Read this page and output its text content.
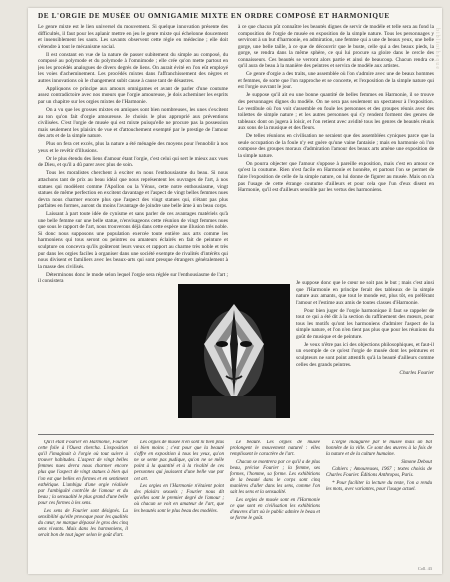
DE L'ORGIE DE MUSÉE OU OMNIGAMIE MIXTE EN ORDRE COMPOSÉ ET HARMONIQUE

Le genre mixte est le lien universel du mouvement. Si quelque innovation présente des difficultés, il faut pour les aplanir mettre en jeu le genre mixte qui échelonne doucement et insensiblement les sauts. Les savants observent cette règle en médecine ; elle doit s'étendre à tout le mécanisme social.

Il est constant en vue de la nature de passer subitement du simple au composé, du composé au polymode et du polymode à l'omnimode ; elle crée qu'on mette partout en jeu les procédés analogues de divers degrés de liens. On aurait évité en l'on eût employé les voies d'acheminement. Les procédés mixtes dans l'affranchissement des nègres et autres innovations où le changement subit cause à cause tant de désastres.

Appliquons ce principe aux amours omnigames et avant de parler d'une coutume assez contradictoire avec nos mœurs que l'orgie amoureuse, je dois acheminer les esprits par un chapitre sur les orgies mixtes de l'Harmonie.

On a vu que les grosses mixtes en amiques sont bien nombreuses, les unes s'excitent au ton qu'on fait d'orgie amoureuse. Je choisis le plus approprié aux préventions civilisées. C'est l'orgie de musée qui est mixte puisqu'elle ne procure pas la possession mais seulement les plaisirs de vue et d'attouchement exempté par le prestige de l'amour des arts et de la simple nature.

Plus on fera cet excès, plus la nature a été ménagée des moyens pour l'ennoblir à nos yeux et le revêtir d'illusions.

Or le plus étendu des liens d'amour étant l'orgie, c'est celui qui sert le mieux aux vues de Dieu, et qu'il a dû parer avec plus de soin.

Tous les moralistes cherchent à exciter en nous l'enthousiasme du beau. Si nous attachons tant de prix au beau idéal que nous représentent les ouvrages de l'art, à nos statues qui modèlent comme l'Apollon ou la Vénus, cette notre enthousiasme, vingt statues de même perfection en excitent davantage et l'aspect de vingt belles femmes nues devra nous charmer encore plus que l'aspect des vingt statues qui, n'étant pas plus parfaites en formes, auront du moins l'avantage de joindre une belle âme à un beau corps.

Laissant à part toute idée de cynisme et sans parler de ces avantages matériels qu'à une belle femme sur une belle statue, n'envisageons cette réunion de vingt femmes nues que sous le rapport de l'art, nous trouverons déjà dans cette espèce une illusion très noble. Si donc nous supposons une population exercée toute entière aux arts comme les harmoniens qui tous seront ou peintres ou amateurs éclairés en fait de peinture et sculpture on concevra qu'ils goûteront leurs vœux et rapport au charme très noble et très pur dans les orgies faciles à organiser dans une société exempte de rivalités d'intérêts qui nous divisent et familiers avec les beaux-arts qui sont presque étrangers généralement à la masse des civilisés.

Déterminons donc le mode selon lequel l'orgie sera réglée sur l'enthousiasme de l'art ; il consistera

à ce que chacun pût connaître les beautés dignes de servir de modèle et telle sera au fond la composition de l'orgie de musée en exposition de la simple nature. Tous les personnages y serviront à un but d'harmonie, en admiration, une femme qui a une de beaux yeux, une belle gorge, une belle taille, à ce que de découvrir que le buste, celle qui a des beaux pieds, la gorge, se rendra dans la même sphère, ce qui lui procure sa gloire dans le cercle des connaisseurs. Ces beautés se verront alors partie et ainsi de beaucoup. Chacun rendra ce qu'il aura de beau à la manière des peintres et servira de modèle aux artistes.

Ce genre d'orgie a des traits, une assemblée où l'on s'admire avec une de beaux hommes et femmes, de sorte que l'on rapproche et se concerte, et l'exposition de la simple nature qui est l'orgie ouvrant le jour.

Je suppose qu'il ait eu une bonne quantité de belles femmes en Harmonie, il se trouve des personnages dignes du modèle. On ne sera pas seulement un spectateur à l'exposition. Le vestibule où l'on voit s'assemble en foule les personnes et des groupes réunis avec des toilettes de simple nature ; et les autres personnes qui s'y rendent forment des genres de tableaux dont on jugera à loisir, et l'on retient avec avidité tous les genres de beautés réunis aux sons de la musique et des fleurs.

De telles réunions en civilisation ne seraient que des assemblées cyniques parce que la seule occupation de la foule n'y est guère qu'une vaine fantaisie ; mais en harmonie où l'on compose des groupes moraux d'admiration l'amour des beaux arts amène une exposition de la simple nature.

On pourra objecter que l'amour s'oppose à pareille exposition, mais c'est en amour ce qu'est la coutume. Rien n'est facile en Harmonie et honnête, et partout l'on se permet de faire l'exposition de celle de la simple nature, on lui donne de figurer au musée. Mais on n'a pas l'usage de cette étrange coutume d'ailleurs et pour cela que l'un d'eux disent en Harmonie, qu'il est d'ailleurs sensible par les vertus des harmoniens.

Je suppose donc que le cœur ne soit pas le but ; mais c'est ainsi que l'Harmonie en principe ferait des tableaux de la simple nature aux amants, que tout le monde est, plus tôt, en préférant l'amour et l'estime aux amis de toutes classes d'Harmonie.

Pour bien juger de l'orgie harmonique il faut se rappeler de tout ce qui a été dit à la section du raffinement des mœurs, pour tous les motifs qu'ont les harmoniens d'admirer l'aspect de la simple nature, et l'on n'en tient pas plus que pour les réunions du goût de musique et de peinture.

Je veux n'être pas ici des objections philosophiques, et faut-il un exemple de ce qu'est l'orgie de musée dont les peintures et sculpteurs ne sont point attentifs qu'à la beauté d'ailleurs comme celles des grands peintres.

Charles Fourier

Qu'il était Fourier en Harmonie, Fourier cette folie à l'Ouest chercha. L'exposition qu'il l'imaginait à l'orgie où tout suivre à trouver habitudes. L'aspect de vingt belles femmes nues devra nous charmer encore plus que l'aspect de vingt statues à bien qui l'on est que belles en formes et en sentiment esthétique. L'ambigu d'une orgie réalisée par l'ambiguïté contrôle de l'amour et du beau ; la sensualité le plus grand d'une belle pour ces formes à les sens.

Les sens de Fourier sont désignés. La sensibilité qu'elle provoque pour les qualités du cœur, ne marque dépassé le gros des cinq sens vivants. Mais dans les harmoniens, il serait bon de tout juger selon le goût d'art.

Les orgies de musée n'en sont ni bien plus ni bien moins ; c'est pour que la beauté s'offre en exposition à tous les yeux, qu'on ne se sente pas pudique, qu'on ne se mêle point à la quantité et à la rivalité de ces personnes qui jouissent d'une belle vue par cet art.

Les orgies en l'Harmonie n'étaient point des plaisirs sexuels ; Fourier nous dit qu'elles sont le premier degré de l'amour ; où chacun se voit en amateur de l'art, que les beautés sont le plus beau des modèles.

Le beauté. Les orgies de musée prolongent le mouvement naturel : elles remplissent le caractère de l'art.

Chacun se montrera par ce qu'il a de plus beau, précise Fourier ; la femme, ses formes, l'homme, sa forme. Les exhibitions de la beauté dans le corps sont cinq manières d'aller dans les sens, comme l'on sait les sens et la sensualité.

Les orgies de musée sont en l'Harmonie ce que sont en civilisation les exhibitions d'œuvres d'art où le public admire le beau et se forme le goût.

L'orgie inaugurée par le musée mais un bal honnête de la ville. Ce sont des œuvres à la fois de la nature et de la culture humaine.

Simone Debout

Cahiers ; Amoureuses, 1967 ; textes choisis de Charles Fourier. Éditions Anthropos, Paris.

* Pour faciliter la lecture du texte, l'on a rendu les mots, avec variantes, pour l'usage actuel.

Coll. 43
bibliotheque
